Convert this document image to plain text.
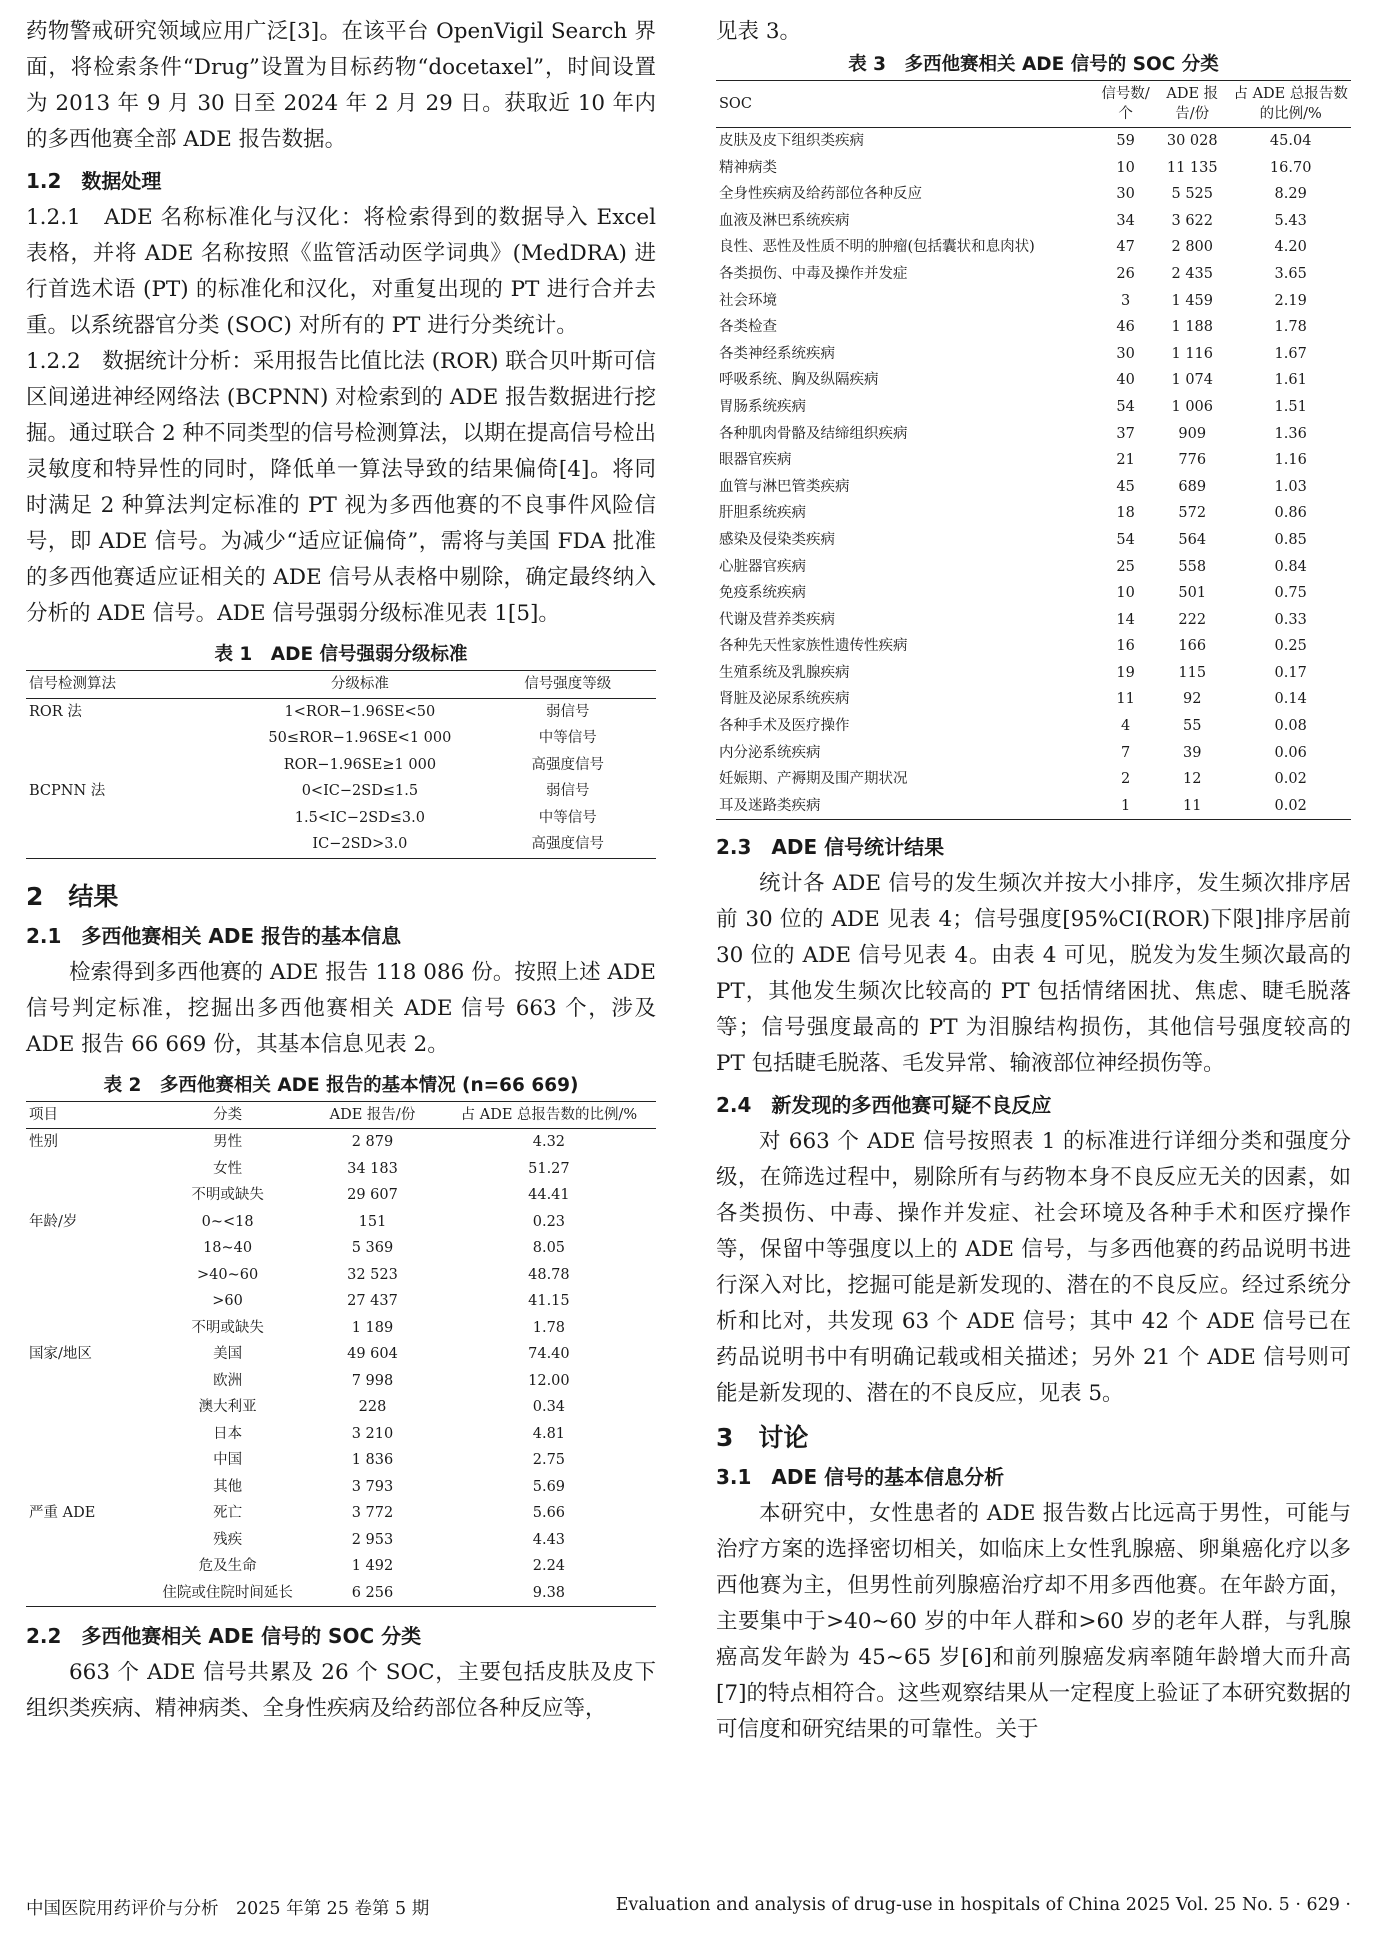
药物警戒研究领域应用广泛[3]。在该平台 OpenVigil Search 界面，将检索条件“Drug”设置为目标药物“docetaxel”，时间设置为 2013 年 9 月 30 日至 2024 年 2 月 29 日。获取近 10 年内的多西他赛全部 ADE 报告数据。

1.2　数据处理

1.2.1　ADE 名称标准化与汉化：将检索得到的数据导入 Excel 表格，并将 ADE 名称按照《监管活动医学词典》(MedDRA) 进行首选术语 (PT) 的标准化和汉化，对重复出现的 PT 进行合并去重。以系统器官分类 (SOC) 对所有的 PT 进行分类统计。

1.2.2　数据统计分析：采用报告比值比法 (ROR) 联合贝叶斯可信区间递进神经网络法 (BCPNN) 对检索到的 ADE 报告数据进行挖掘。通过联合 2 种不同类型的信号检测算法，以期在提高信号检出灵敏度和特异性的同时，降低单一算法导致的结果偏倚[4]。将同时满足 2 种算法判定标准的 PT 视为多西他赛的不良事件风险信号，即 ADE 信号。为减少“适应证偏倚”，需将与美国 FDA 批准的多西他赛适应证相关的 ADE 信号从表格中剔除，确定最终纳入分析的 ADE 信号。ADE 信号强弱分级标准见表 1[5]。

表 1　ADE 信号强弱分级标准
信号检测算法	分级标准	信号强度等级
ROR 法	1<ROR−1.96SE<50	弱信号
	50≤ROR−1.96SE<1 000	中等信号
	ROR−1.96SE≥1 000	高强度信号
BCPNN 法	0<IC−2SD≤1.5	弱信号
	1.5<IC−2SD≤3.0	中等信号
	IC−2SD>3.0	高强度信号
2　结果
2.1　多西他赛相关 ADE 报告的基本信息

检索得到多西他赛的 ADE 报告 118 086 份。按照上述 ADE 信号判定标准，挖掘出多西他赛相关 ADE 信号 663 个，涉及 ADE 报告 66 669 份，其基本信息见表 2。

表 2　多西他赛相关 ADE 报告的基本情况 (n=66 669)
项目	分类	ADE 报告/份	占 ADE 总报告数的比例/%
性别	男性	2 879	4.32
	女性	34 183	51.27
	不明或缺失	29 607	44.41
年龄/岁	0~<18	151	0.23
	18~40	5 369	8.05
	>40~60	32 523	48.78
	>60	27 437	41.15
	不明或缺失	1 189	1.78
国家/地区	美国	49 604	74.40
	欧洲	7 998	12.00
	澳大利亚	228	0.34
	日本	3 210	4.81
	中国	1 836	2.75
	其他	3 793	5.69
严重 ADE	死亡	3 772	5.66
	残疾	2 953	4.43
	危及生命	1 492	2.24
	住院或住院时间延长	6 256	9.38
2.2　多西他赛相关 ADE 信号的 SOC 分类

663 个 ADE 信号共累及 26 个 SOC，主要包括皮肤及皮下组织类疾病、精神病类、全身性疾病及给药部位各种反应等，

见表 3。

表 3　多西他赛相关 ADE 信号的 SOC 分类
SOC	信号数/个	ADE 报告/份	占 ADE 总报告数的比例/%
皮肤及皮下组织类疾病	59	30 028	45.04
精神病类	10	11 135	16.70
全身性疾病及给药部位各种反应	30	5 525	8.29
血液及淋巴系统疾病	34	3 622	5.43
良性、恶性及性质不明的肿瘤(包括囊状和息肉状)	47	2 800	4.20
各类损伤、中毒及操作并发症	26	2 435	3.65
社会环境	3	1 459	2.19
各类检查	46	1 188	1.78
各类神经系统疾病	30	1 116	1.67
呼吸系统、胸及纵隔疾病	40	1 074	1.61
胃肠系统疾病	54	1 006	1.51
各种肌肉骨骼及结缔组织疾病	37	909	1.36
眼器官疾病	21	776	1.16
血管与淋巴管类疾病	45	689	1.03
肝胆系统疾病	18	572	0.86
感染及侵染类疾病	54	564	0.85
心脏器官疾病	25	558	0.84
免疫系统疾病	10	501	0.75
代谢及营养类疾病	14	222	0.33
各种先天性家族性遗传性疾病	16	166	0.25
生殖系统及乳腺疾病	19	115	0.17
肾脏及泌尿系统疾病	11	92	0.14
各种手术及医疗操作	4	55	0.08
内分泌系统疾病	7	39	0.06
妊娠期、产褥期及围产期状况	2	12	0.02
耳及迷路类疾病	1	11	0.02
2.3　ADE 信号统计结果

统计各 ADE 信号的发生频次并按大小排序，发生频次排序居前 30 位的 ADE 见表 4；信号强度[95%CI(ROR)下限]排序居前 30 位的 ADE 信号见表 4。由表 4 可见，脱发为发生频次最高的 PT，其他发生频次比较高的 PT 包括情绪困扰、焦虑、睫毛脱落等；信号强度最高的 PT 为泪腺结构损伤，其他信号强度较高的 PT 包括睫毛脱落、毛发异常、输液部位神经损伤等。

2.4　新发现的多西他赛可疑不良反应

对 663 个 ADE 信号按照表 1 的标准进行详细分类和强度分级，在筛选过程中，剔除所有与药物本身不良反应无关的因素，如各类损伤、中毒、操作并发症、社会环境及各种手术和医疗操作等，保留中等强度以上的 ADE 信号，与多西他赛的药品说明书进行深入对比，挖掘可能是新发现的、潜在的不良反应。经过系统分析和比对，共发现 63 个 ADE 信号；其中 42 个 ADE 信号已在药品说明书中有明确记载或相关描述；另外 21 个 ADE 信号则可能是新发现的、潜在的不良反应，见表 5。

3　讨论
3.1　ADE 信号的基本信息分析

本研究中，女性患者的 ADE 报告数占比远高于男性，可能与治疗方案的选择密切相关，如临床上女性乳腺癌、卵巢癌化疗以多西他赛为主，但男性前列腺癌治疗却不用多西他赛。在年龄方面，主要集中于>40~60 岁的中年人群和>60 岁的老年人群，与乳腺癌高发年龄为 45~65 岁[6]和前列腺癌发病率随年龄增大而升高[7]的特点相符合。这些观察结果从一定程度上验证了本研究数据的可信度和研究结果的可靠性。关于

中国医院用药评价与分析　2025 年第 25 卷第 5 期	Evaluation and analysis of drug-use in hospitals of China 2025 Vol. 25 No. 5 · 629 ·
